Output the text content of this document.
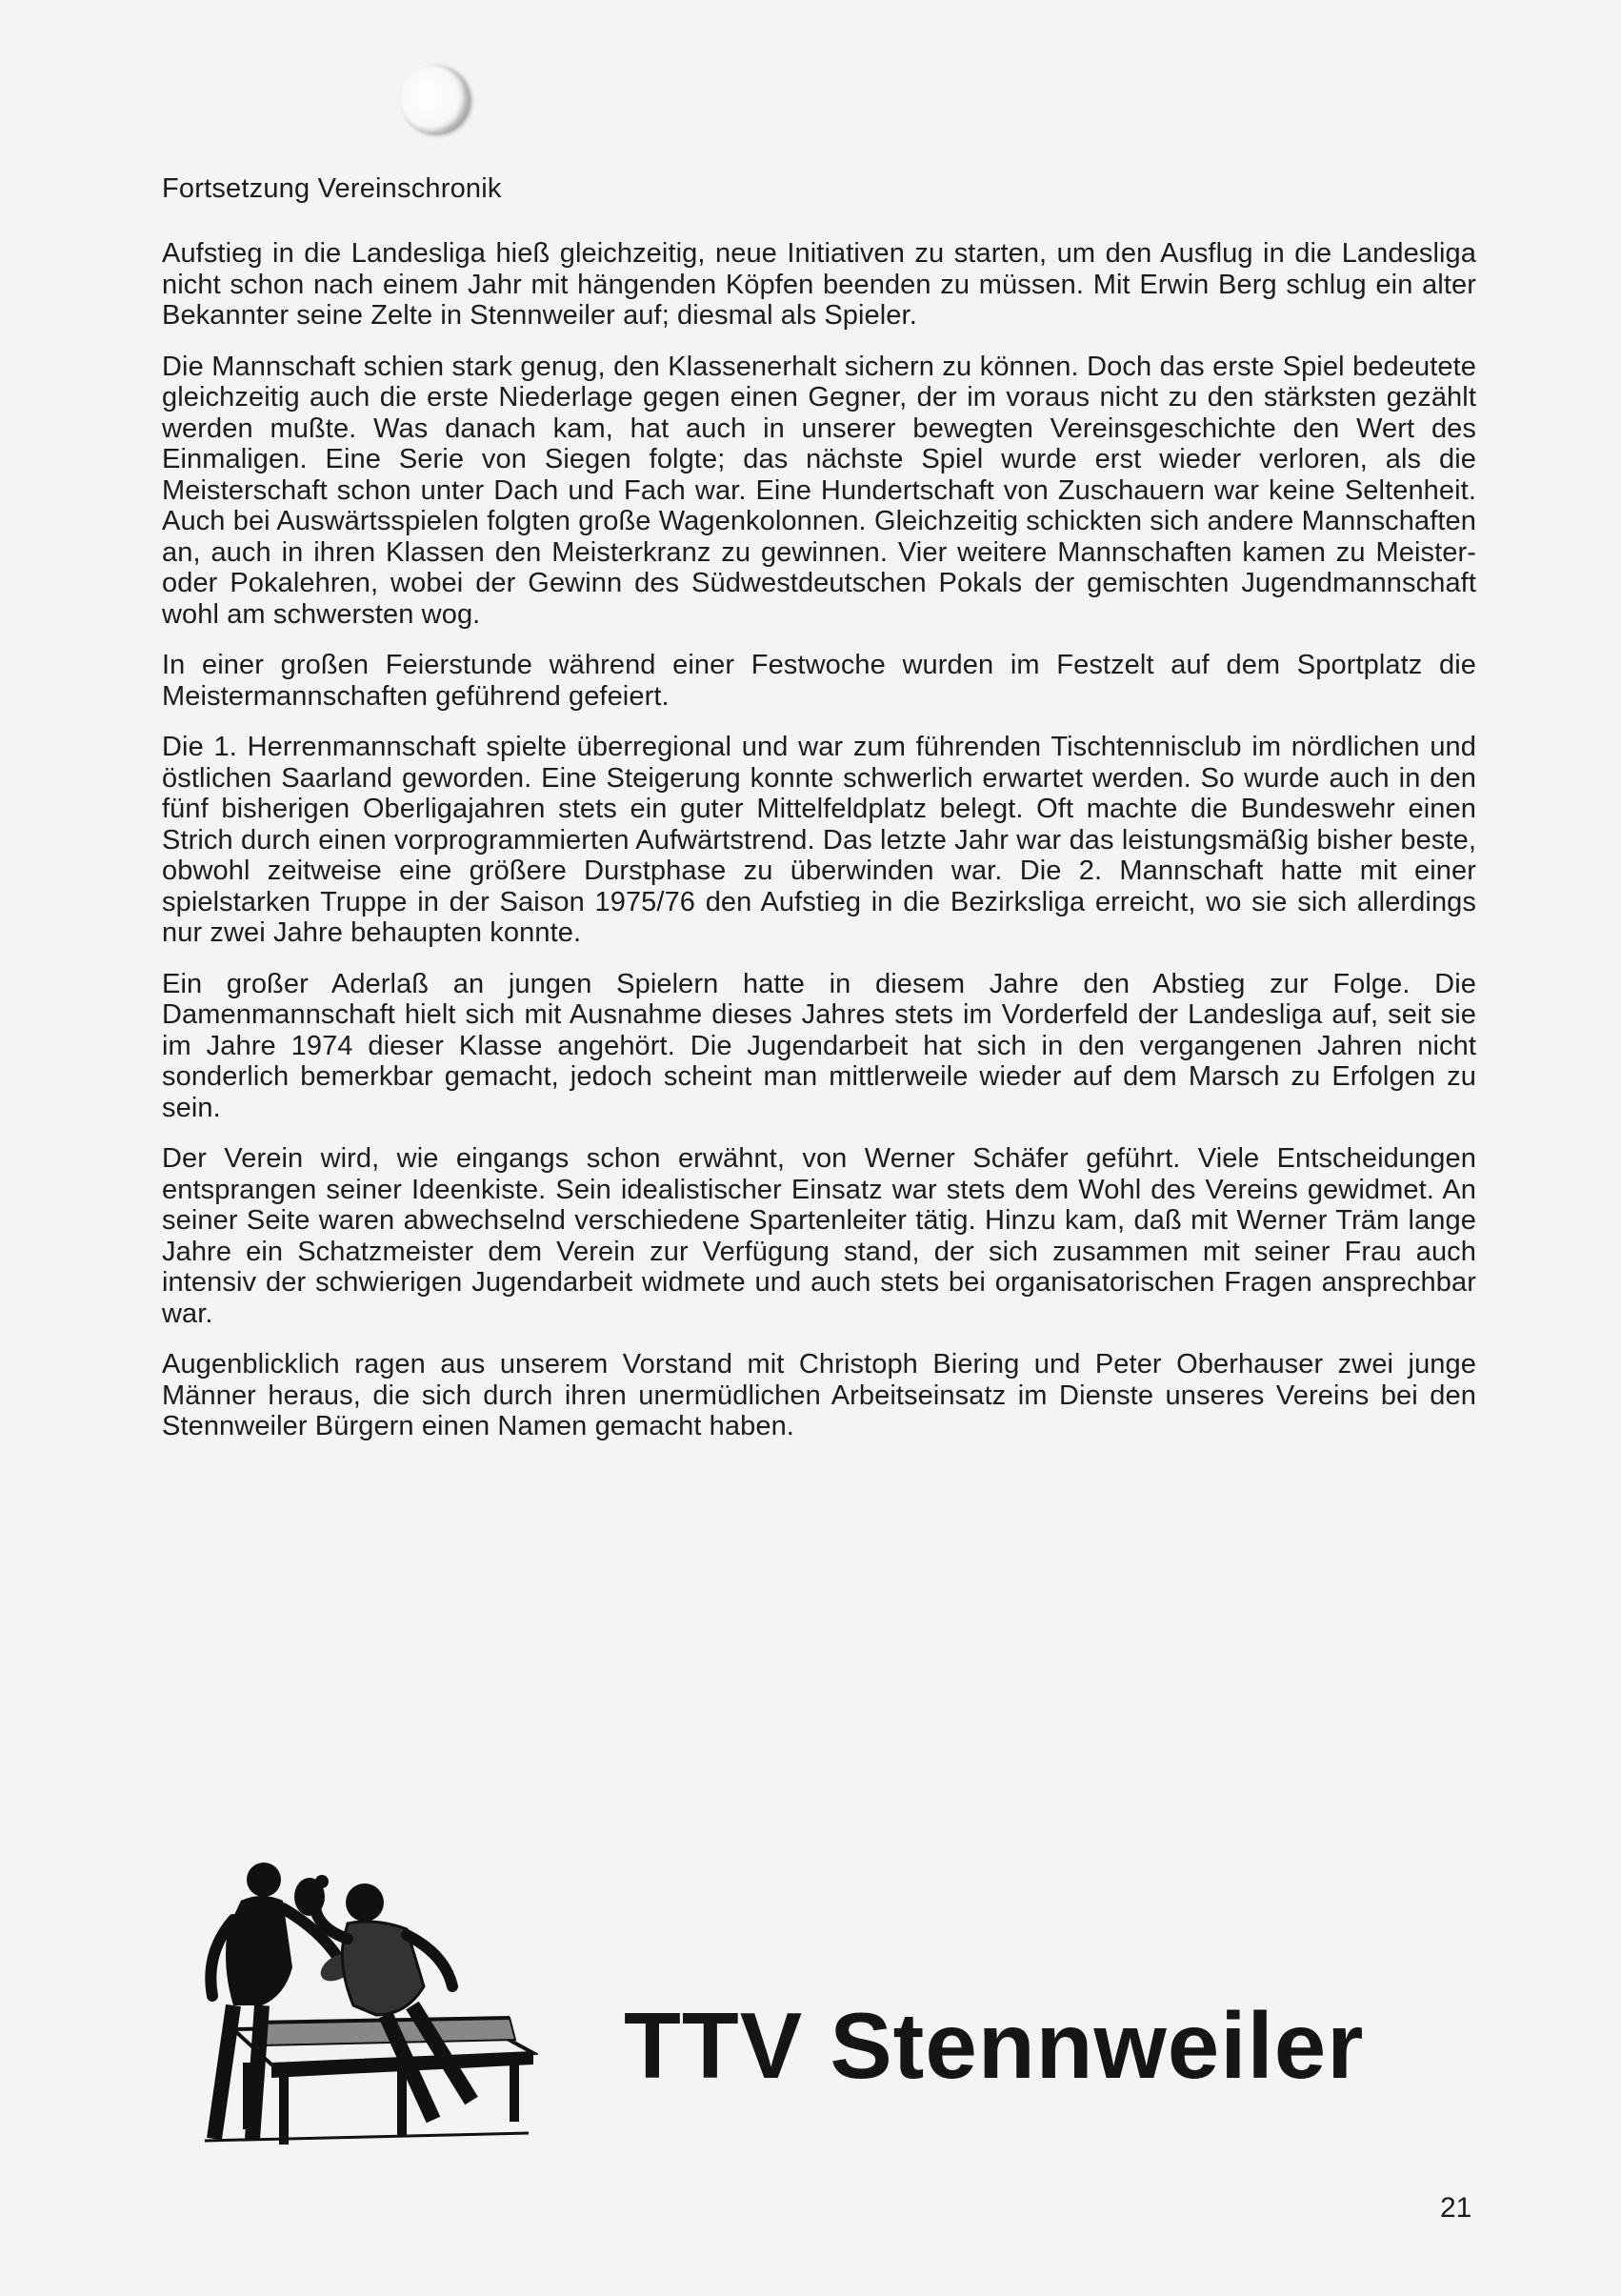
Fortsetzung Vereinschronik

Aufstieg in die Landesliga hieß gleichzeitig, neue Initiativen zu starten, um den Ausflug in die Landesliga nicht schon nach einem Jahr mit hängenden Köpfen beenden zu müssen. Mit Erwin Berg schlug ein alter Bekannter seine Zelte in Stennweiler auf; diesmal als Spieler.

Die Mannschaft schien stark genug, den Klassenerhalt sichern zu können. Doch das erste Spiel bedeutete gleichzeitig auch die erste Niederlage gegen einen Gegner, der im voraus nicht zu den stärksten gezählt werden mußte. Was danach kam, hat auch in unserer bewegten Vereinsgeschichte den Wert des Einmaligen. Eine Serie von Siegen folgte; das nächste Spiel wurde erst wieder verloren, als die Meisterschaft schon unter Dach und Fach war. Eine Hundertschaft von Zuschauern war keine Seltenheit. Auch bei Auswärtsspielen folgten große Wagenkolonnen. Gleichzeitig schickten sich andere Mannschaften an, auch in ihren Klassen den Meisterkranz zu gewinnen. Vier weitere Mannschaften kamen zu Meister- oder Pokalehren, wobei der Gewinn des Südwestdeutschen Pokals der gemischten Jugendmannschaft wohl am schwersten wog.

In einer großen Feierstunde während einer Festwoche wurden im Festzelt auf dem Sportplatz die Meistermannschaften geführend gefeiert.

Die 1. Herrenmannschaft spielte überregional und war zum führenden Tischtennisclub im nördlichen und östlichen Saarland geworden. Eine Steigerung konnte schwerlich erwartet werden. So wurde auch in den fünf bisherigen Oberligajahren stets ein guter Mittelfeldplatz belegt. Oft machte die Bundeswehr einen Strich durch einen vorprogrammierten Aufwärtstrend. Das letzte Jahr war das leistungsmäßig bisher beste, obwohl zeitweise eine größere Durstphase zu überwinden war. Die 2. Mannschaft hatte mit einer spielstarken Truppe in der Saison 1975/76 den Aufstieg in die Bezirksliga erreicht, wo sie sich allerdings nur zwei Jahre behaupten konnte.

Ein großer Aderlaß an jungen Spielern hatte in diesem Jahre den Abstieg zur Folge. Die Damenmannschaft hielt sich mit Ausnahme dieses Jahres stets im Vorderfeld der Landesliga auf, seit sie im Jahre 1974 dieser Klasse angehört. Die Jugendarbeit hat sich in den vergangenen Jahren nicht sonderlich bemerkbar gemacht, jedoch scheint man mittlerweile wieder auf dem Marsch zu Erfolgen zu sein.

Der Verein wird, wie eingangs schon erwähnt, von Werner Schäfer geführt. Viele Entscheidungen entsprangen seiner Ideenkiste. Sein idealistischer Einsatz war stets dem Wohl des Vereins gewidmet. An seiner Seite waren abwechselnd verschiedene Spartenleiter tätig. Hinzu kam, daß mit Werner Träm lange Jahre ein Schatzmeister dem Verein zur Verfügung stand, der sich zusammen mit seiner Frau auch intensiv der schwierigen Jugendarbeit widmete und auch stets bei organisatorischen Fragen ansprechbar war.

Augenblicklich ragen aus unserem Vorstand mit Christoph Biering und Peter Oberhauser zwei junge Männer heraus, die sich durch ihren unermüdlichen Arbeitseinsatz im Dienste unseres Vereins bei den Stennweiler Bürgern einen Namen gemacht haben.

TTV Stennweiler
21
